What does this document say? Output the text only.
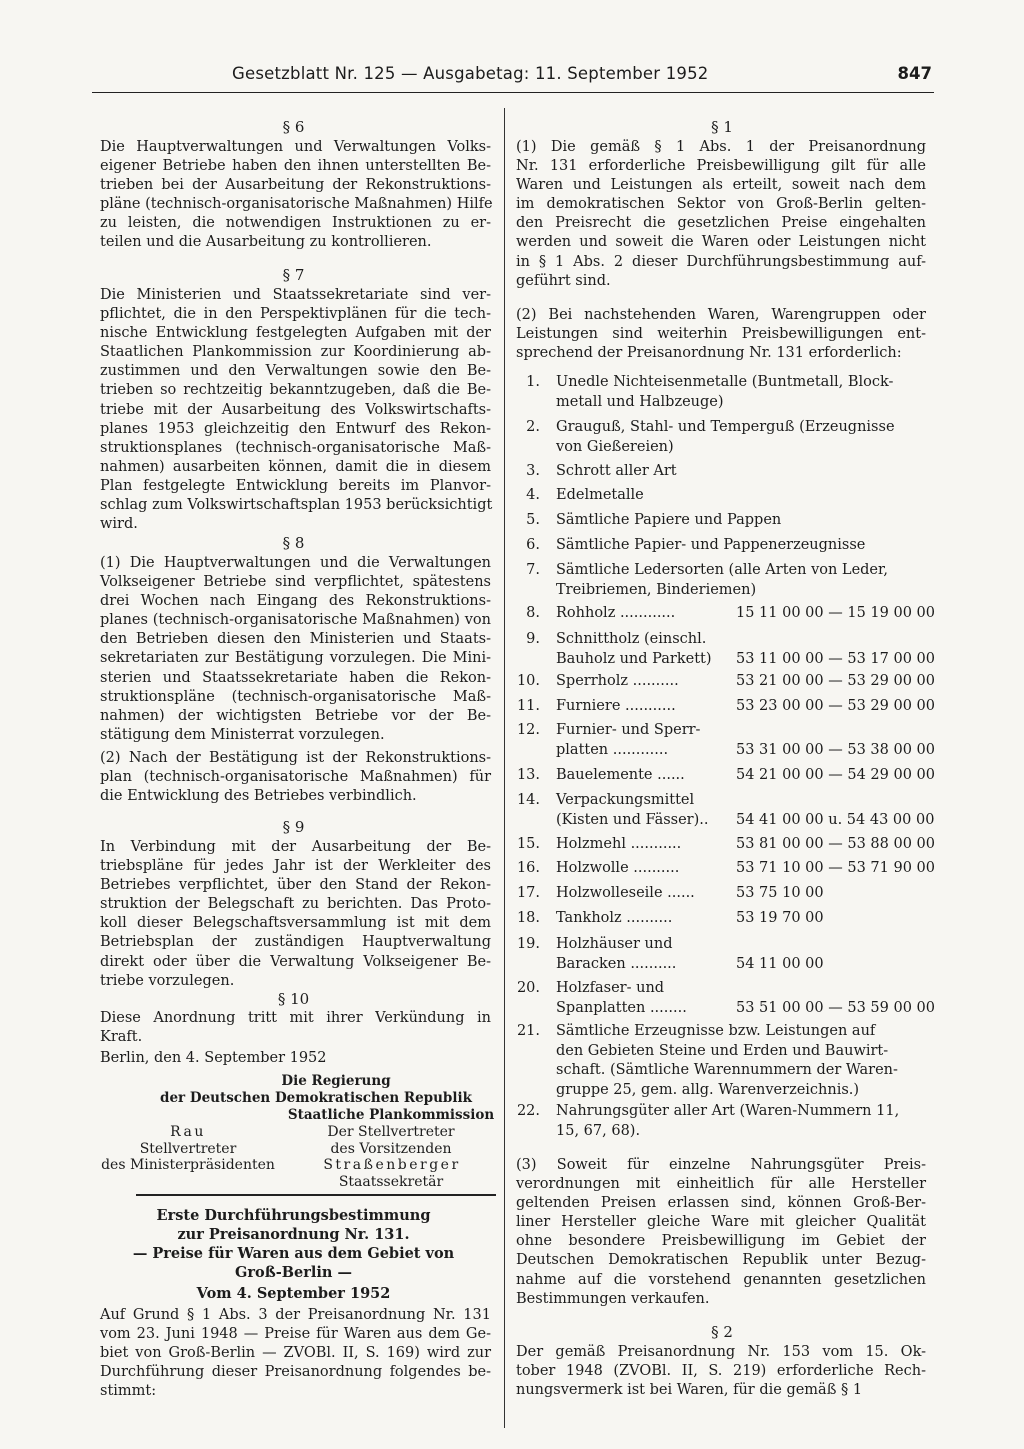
Gesetzblatt Nr. 125 — Ausgabetag: 11. September 1952	847
§ 6
Die Hauptverwaltungen und Verwaltungen Volks-
eigener Betriebe haben den ihnen unterstellten Be-
trieben bei der Ausarbeitung der Rekonstruktions-
pläne (technisch-organisatorische Maßnahmen) Hilfe
zu leisten, die notwendigen Instruktionen zu er-
teilen und die Ausarbeitung zu kontrollieren.
§ 7
Die Ministerien und Staatssekretariate sind ver-
pflichtet, die in den Perspektivplänen für die tech-
nische Entwicklung festgelegten Aufgaben mit der
Staatlichen Plankommission zur Koordinierung ab-
zustimmen und den Verwaltungen sowie den Be-
trieben so rechtzeitig bekanntzugeben, daß die Be-
triebe mit der Ausarbeitung des Volkswirtschafts-
planes 1953 gleichzeitig den Entwurf des Rekon-
struktionsplanes (technisch-organisatorische Maß-
nahmen) ausarbeiten können, damit die in diesem
Plan festgelegte Entwicklung bereits im Planvor-
schlag zum Volkswirtschaftsplan 1953 berücksichtigt
wird.
§ 8
(1) Die Hauptverwaltungen und die Verwaltungen
Volkseigener Betriebe sind verpflichtet, spätestens
drei Wochen nach Eingang des Rekonstruktions-
planes (technisch-organisatorische Maßnahmen) von
den Betrieben diesen den Ministerien und Staats-
sekretariaten zur Bestätigung vorzulegen. Die Mini-
sterien und Staatssekretariate haben die Rekon-
struktionspläne (technisch-organisatorische Maß-
nahmen) der wichtigsten Betriebe vor der Be-
stätigung dem Ministerrat vorzulegen.
(2) Nach der Bestätigung ist der Rekonstruktions-
plan (technisch-organisatorische Maßnahmen) für
die Entwicklung des Betriebes verbindlich.
§ 9
In Verbindung mit der Ausarbeitung der Be-
triebspläne für jedes Jahr ist der Werkleiter des
Betriebes verpflichtet, über den Stand der Rekon-
struktion der Belegschaft zu berichten. Das Proto-
koll dieser Belegschaftsversammlung ist mit dem
Betriebsplan der zuständigen Hauptverwaltung
direkt oder über die Verwaltung Volkseigener Be-
triebe vorzulegen.
§ 10
Diese Anordnung tritt mit ihrer Verkündung in
Kraft.
Berlin, den 4. September 1952
Die Regierung
der Deutschen Demokratischen Republik
Staatliche Plankommission
Rau
Stellvertreter
des Ministerpräsidenten
Der Stellvertreter
des Vorsitzenden
Straßenberger
Staatssekretär
Erste Durchführungsbestimmung
zur Preisanordnung Nr. 131.
— Preise für Waren aus dem Gebiet von
Groß-Berlin —
Vom 4. September 1952
Auf Grund § 1 Abs. 3 der Preisanordnung Nr. 131
vom 23. Juni 1948 — Preise für Waren aus dem Ge-
biet von Groß-Berlin — ZVOBl. II, S. 169) wird zur
Durchführung dieser Preisanordnung folgendes be-
stimmt:
§ 1
(1) Die gemäß § 1 Abs. 1 der Preisanordnung
Nr. 131 erforderliche Preisbewilligung gilt für alle
Waren und Leistungen als erteilt, soweit nach dem
im demokratischen Sektor von Groß-Berlin gelten-
den Preisrecht die gesetzlichen Preise eingehalten
werden und soweit die Waren oder Leistungen nicht
in § 1 Abs. 2 dieser Durchführungsbestimmung auf-
geführt sind.
(2) Bei nachstehenden Waren, Warengruppen oder
Leistungen sind weiterhin Preisbewilligungen ent-
sprechend der Preisanordnung Nr. 131 erforderlich:
1. Unedle Nichteisenmetalle (Buntmetall, Block-
metall und Halbzeuge)
2. Grauguß, Stahl- und Temperguß (Erzeugnisse
von Gießereien)
3. Schrott aller Art
4. Edelmetalle
5. Sämtliche Papiere und Pappen
6. Sämtliche Papier- und Pappenerzeugnisse
7. Sämtliche Ledersorten (alle Arten von Leder,
Treibriemen, Binderiemen)
8. Rohholz ............	15 11 00 00 — 15 19 00 00
9. Schnittholz (einschl.
Bauholz und Parkett)
53 11 00 00 — 53 17 00 00
10. Sperrholz ..........	53 21 00 00 — 53 29 00 00
11. Furniere ...........	53 23 00 00 — 53 29 00 00
12. Furnier- und Sperr-
platten ............	
53 31 00 00 — 53 38 00 00
13. Bauelemente ......	54 21 00 00 — 54 29 00 00
14. Verpackungsmittel
(Kisten und Fässer)..
54 41 00 00 u. 54 43 00 00
15. Holzmehl ...........	53 81 00 00 — 53 88 00 00
16. Holzwolle ..........	53 71 10 00 — 53 71 90 00
17. Holzwolleseile ......	53 75 10 00
18. Tankholz ..........	53 19 70 00
19. Holzhäuser und
Baracken ..........	
54 11 00 00
20. Holzfaser- und
Spanplatten ........	
53 51 00 00 — 53 59 00 00
21. Sämtliche Erzeugnisse bzw. Leistungen auf
den Gebieten Steine und Erden und Bauwirt-
schaft. (Sämtliche Warennummern der Waren-
gruppe 25, gem. allg. Warenverzeichnis.)
22. Nahrungsgüter aller Art (Waren-Nummern 11,
15, 67, 68).
(3) Soweit für einzelne Nahrungsgüter Preis-
verordnungen mit einheitlich für alle Hersteller
geltenden Preisen erlassen sind, können Groß-Ber-
liner Hersteller gleiche Ware mit gleicher Qualität
ohne besondere Preisbewilligung im Gebiet der
Deutschen Demokratischen Republik unter Bezug-
nahme auf die vorstehend genannten gesetzlichen
Bestimmungen verkaufen.
§ 2
Der gemäß Preisanordnung Nr. 153 vom 15. Ok-
tober 1948 (ZVOBl. II, S. 219) erforderliche Rech-
nungsvermerk ist bei Waren, für die gemäß § 1
